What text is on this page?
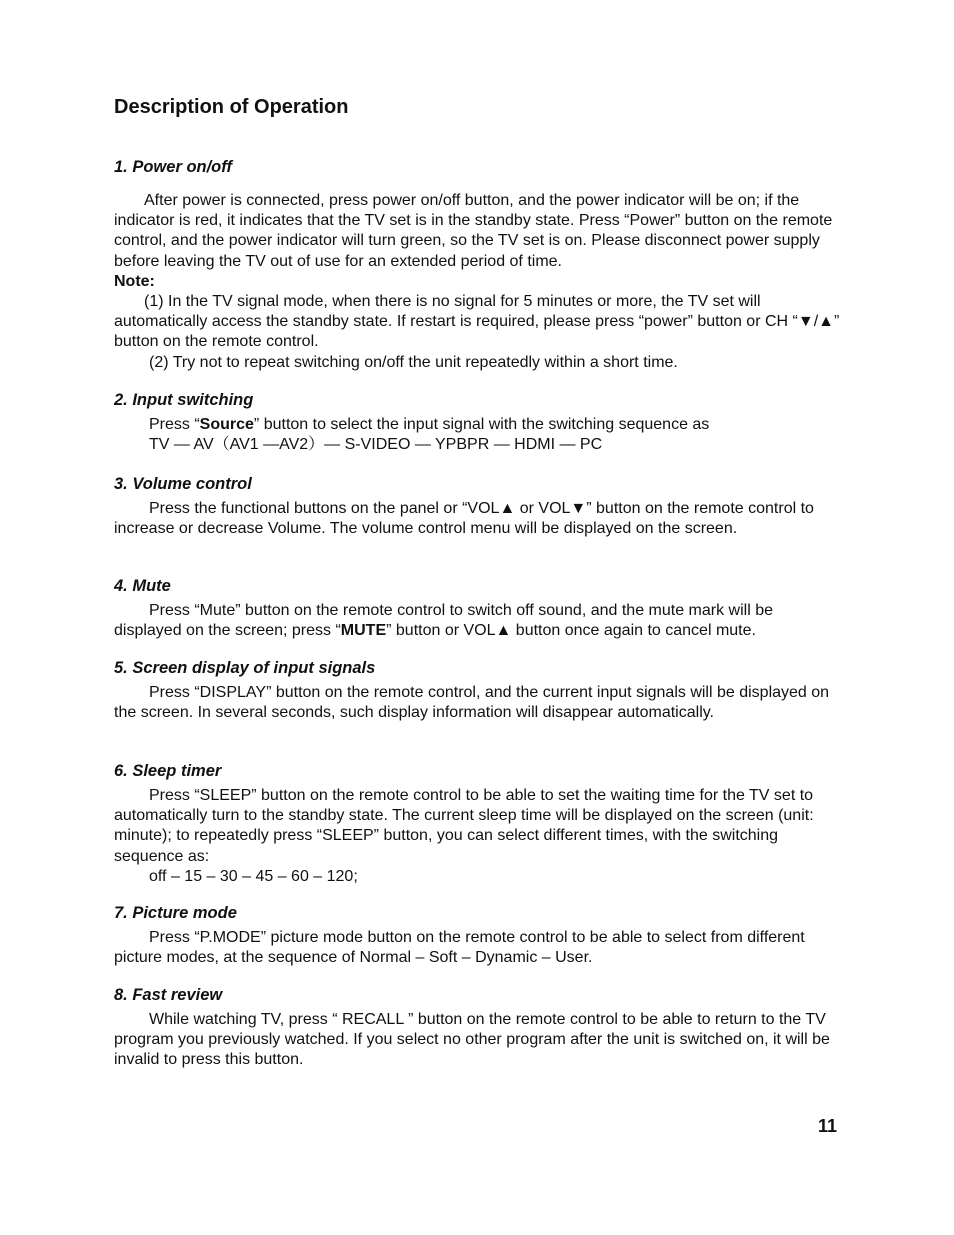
Description of Operation

1. Power on/off

After power is connected, press power on/off button, and the power indicator will be on; if the indicator is red, it indicates that the TV set is in the standby state. Press “Power” button on the remote control, and the power indicator will turn green, so the TV set is on. Please disconnect power supply before leaving the TV out of use for an extended period of time.

Note:

(1) In the TV signal mode, when there is no signal for 5 minutes or more, the TV set will automatically access the standby state. If restart is required, please press “power” button or CH “▼/▲” button on the remote control.

(2) Try not to repeat switching on/off the unit repeatedly within a short time.

2. Input switching

Press “Source” button to select the input signal with the switching sequence as

TV — AV（AV1 —AV2）— S-VIDEO — YPBPR — HDMI — PC

3. Volume control

Press the functional buttons on the panel or “VOL▲ or VOL▼” button on the remote control to increase or decrease Volume. The volume control menu will be displayed on the screen.

4. Mute

Press “Mute” button on the remote control to switch off sound, and the mute mark will be displayed on the screen; press “MUTE” button or VOL▲ button once again to cancel mute.

5. Screen display of input signals

Press “DISPLAY” button on the remote control, and the current input signals will be displayed on the screen. In several seconds, such display information will disappear automatically.

6. Sleep timer

Press “SLEEP” button on the remote control to be able to set the waiting time for the TV set to automatically turn to the standby state. The current sleep time will be displayed on the screen (unit: minute); to repeatedly press “SLEEP” button, you can select different times, with the switching sequence as:

off – 15 – 30 – 45 – 60 – 120;

7. Picture mode

Press “P.MODE” picture mode button on the remote control to be able to select from different picture modes, at the sequence of Normal – Soft – Dynamic – User.

8. Fast review

While watching TV, press “ RECALL ” button on the remote control to be able to return to the TV program you previously watched. If you select no other program after the unit is switched on, it will be invalid to press this button.

11
